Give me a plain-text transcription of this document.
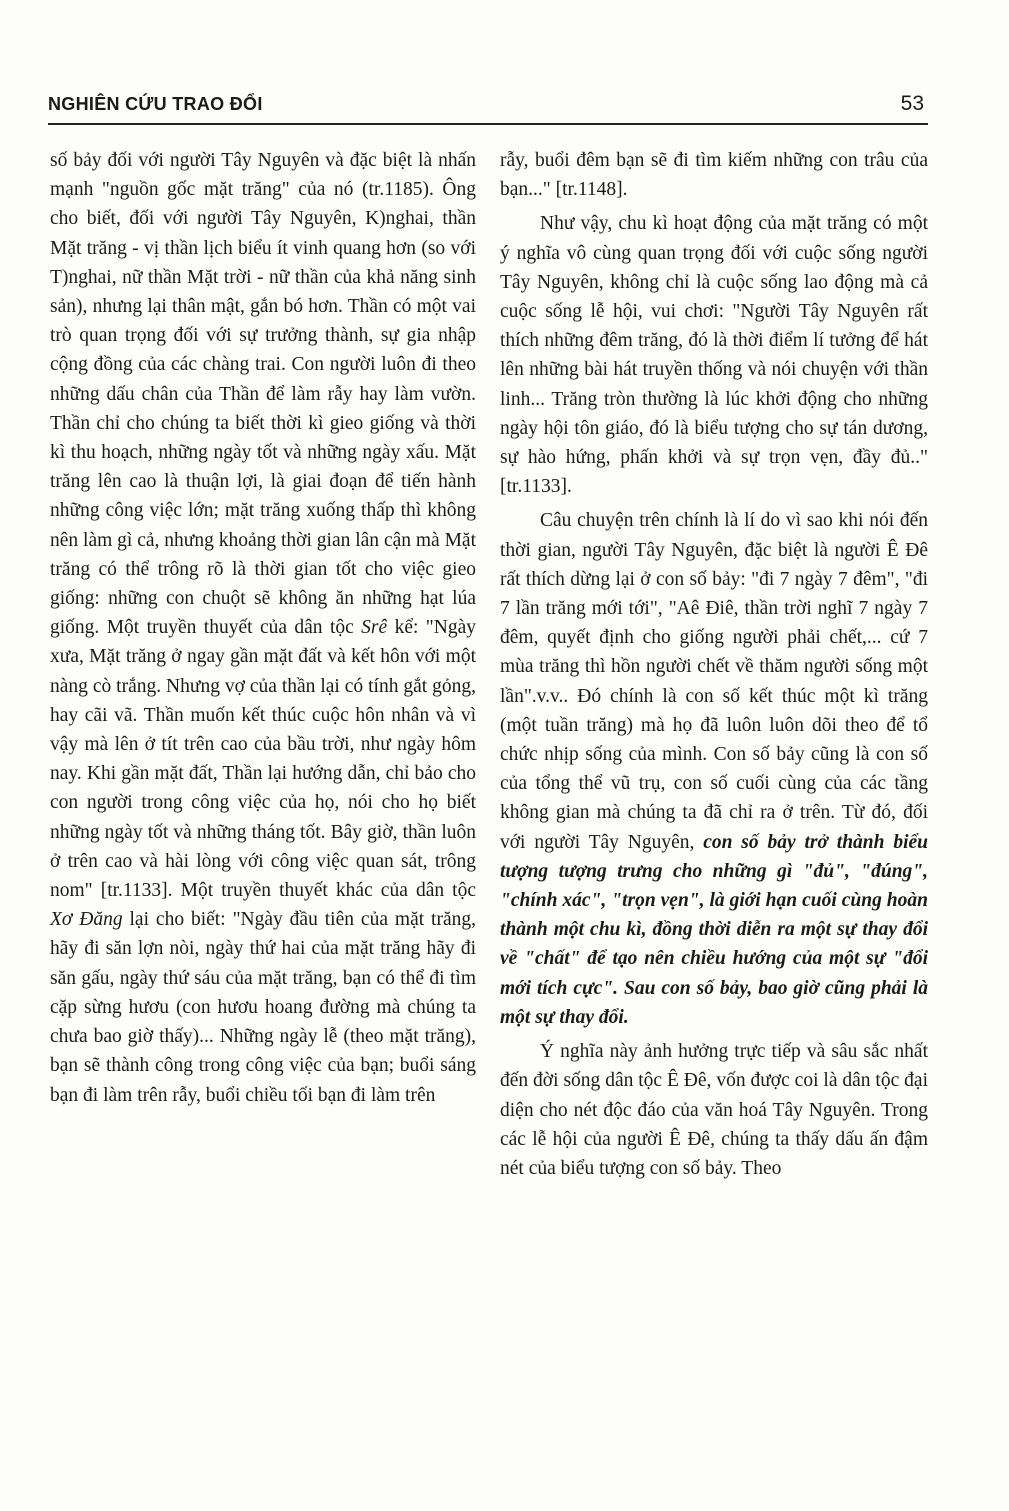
NGHIÊN CỨU TRAO ĐỔI	53

số bảy đối với người Tây Nguyên và đặc biệt là nhấn mạnh "nguồn gốc mặt trăng" của nó (tr.1185). Ông cho biết, đối với người Tây Nguyên, K)nghai, thần Mặt trăng - vị thần lịch biểu ít vinh quang hơn (so với T)nghai, nữ thần Mặt trời - nữ thần của khả năng sinh sản), nhưng lại thân mật, gắn bó hơn. Thần có một vai trò quan trọng đối với sự trưởng thành, sự gia nhập cộng đồng của các chàng trai. Con người luôn đi theo những dấu chân của Thần để làm rẫy hay làm vườn. Thần chỉ cho chúng ta biết thời kì gieo giống và thời kì thu hoạch, những ngày tốt và những ngày xấu. Mặt trăng lên cao là thuận lợi, là giai đoạn để tiến hành những công việc lớn; mặt trăng xuống thấp thì không nên làm gì cả, nhưng khoảng thời gian lân cận mà Mặt trăng có thể trông rõ là thời gian tốt cho việc gieo giống: những con chuột sẽ không ăn những hạt lúa giống. Một truyền thuyết của dân tộc Srê kể: "Ngày xưa, Mặt trăng ở ngay gần mặt đất và kết hôn với một nàng cò trắng. Nhưng vợ của thần lại có tính gắt gỏng, hay cãi vã. Thần muốn kết thúc cuộc hôn nhân và vì vậy mà lên ở tít trên cao của bầu trời, như ngày hôm nay. Khi gần mặt đất, Thần lại hướng dẫn, chỉ bảo cho con người trong công việc của họ, nói cho họ biết những ngày tốt và những tháng tốt. Bây giờ, thần luôn ở trên cao và hài lòng với công việc quan sát, trông nom" [tr.1133]. Một truyền thuyết khác của dân tộc Xơ Đăng lại cho biết: "Ngày đầu tiên của mặt trăng, hãy đi săn lợn nòi, ngày thứ hai của mặt trăng hãy đi săn gấu, ngày thứ sáu của mặt trăng, bạn có thể đi tìm cặp sừng hươu (con hươu hoang đường mà chúng ta chưa bao giờ thấy)... Những ngày lễ (theo mặt trăng), bạn sẽ thành công trong công việc của bạn; buổi sáng bạn đi làm trên rẫy, buổi chiều tối bạn đi làm trên

rẫy, buổi đêm bạn sẽ đi tìm kiếm những con trâu của bạn..." [tr.1148].

Như vậy, chu kì hoạt động của mặt trăng có một ý nghĩa vô cùng quan trọng đối với cuộc sống người Tây Nguyên, không chỉ là cuộc sống lao động mà cả cuộc sống lễ hội, vui chơi: "Người Tây Nguyên rất thích những đêm trăng, đó là thời điểm lí tưởng để hát lên những bài hát truyền thống và nói chuyện với thần linh... Trăng tròn thường là lúc khởi động cho những ngày hội tôn giáo, đó là biểu tượng cho sự tán dương, sự hào hứng, phấn khởi và sự trọn vẹn, đầy đủ.." [tr.1133].

Câu chuyện trên chính là lí do vì sao khi nói đến thời gian, người Tây Nguyên, đặc biệt là người Ê Đê rất thích dừng lại ở con số bảy: "đi 7 ngày 7 đêm", "đi 7 lần trăng mới tới", "Aê Điê, thần trời nghĩ 7 ngày 7 đêm, quyết định cho giống người phải chết,... cứ 7 mùa trăng thì hồn người chết về thăm người sống một lần".v.v.. Đó chính là con số kết thúc một kì trăng (một tuần trăng) mà họ đã luôn luôn dõi theo để tổ chức nhịp sống của mình. Con số bảy cũng là con số của tổng thể vũ trụ, con số cuối cùng của các tầng không gian mà chúng ta đã chỉ ra ở trên. Từ đó, đối với người Tây Nguyên, con số bảy trở thành biểu tượng tượng trưng cho những gì "đủ", "đúng", "chính xác", "trọn vẹn", là giới hạn cuối cùng hoàn thành một chu kì, đồng thời diễn ra một sự thay đổi về "chất" để tạo nên chiều hướng của một sự "đổi mới tích cực". Sau con số bảy, bao giờ cũng phải là một sự thay đổi.

Ý nghĩa này ảnh hưởng trực tiếp và sâu sắc nhất đến đời sống dân tộc Ê Đê, vốn được coi là dân tộc đại diện cho nét độc đáo của văn hoá Tây Nguyên. Trong các lễ hội của người Ê Đê, chúng ta thấy dấu ấn đậm nét của biểu tượng con số bảy. Theo
